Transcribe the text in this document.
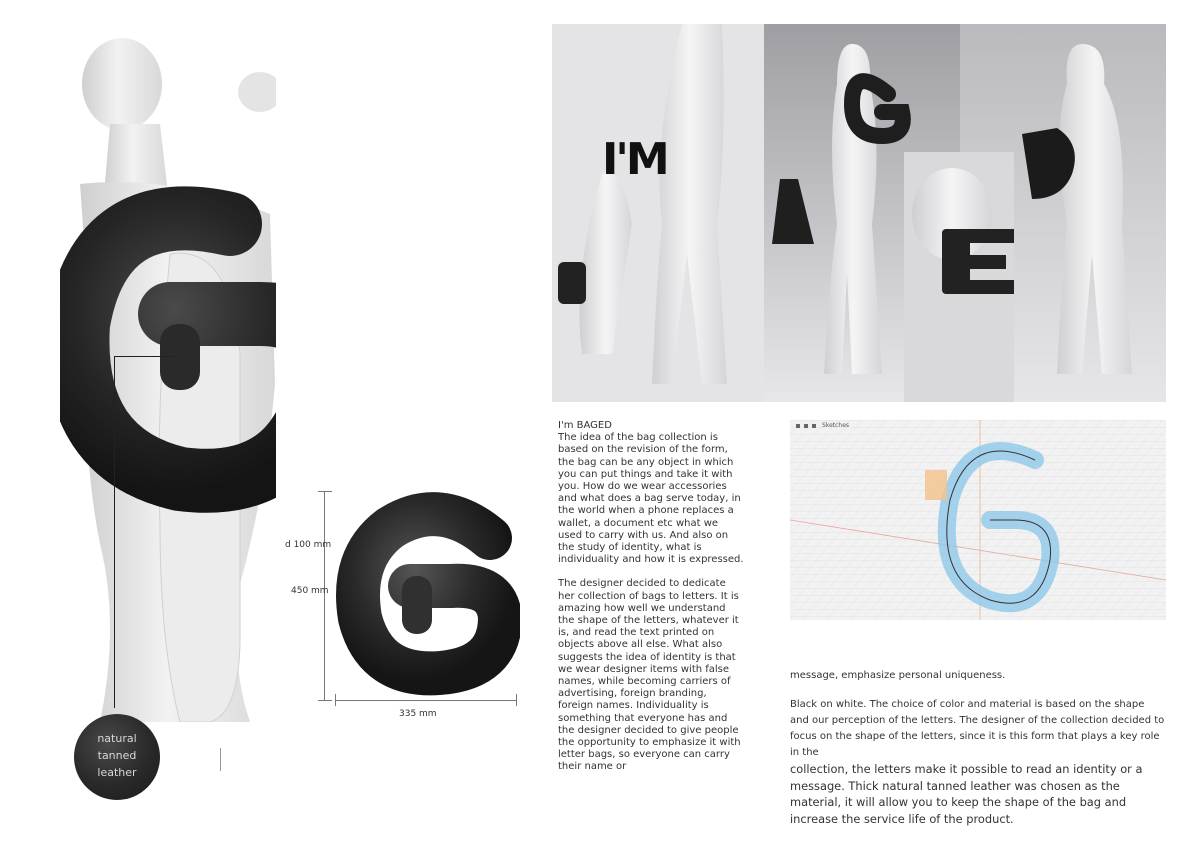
natural
tanned
leather
d 100 mm
450 mm
335 mm
I'M
Sketches
I'm BAGED

The idea of the bag collection is based on the revision of the form, the bag can be any object in which you can put things and take it with you. How do we wear accessories and what does a bag serve today, in the world when a phone replaces a wallet, a document etc what we used to carry with us. And also on the study of identity, what is individuality and how it is expressed.

The designer decided to dedicate her collection of bags to letters. It is amazing how well we understand the shape of the letters, whatever it is, and read the text printed on objects above all else. What also suggests the idea of identity is that we wear designer items with false names, while becoming carriers of advertising, foreign branding, foreign names. Individuality is something that everyone has and the designer decided to give people the opportunity to emphasize it with letter bags, so everyone can carry their name or

message, emphasize personal uniqueness.

Black on white. The choice of color and material is based on the shape and our perception of the letters. The designer of the collection decided to focus on the shape of the letters, since it is this form that plays a key role in the

collection, the letters make it possible to read an identity or a message. Thick natural tanned leather was chosen as the material, it will allow you to keep the shape of the bag and increase the service life of the product.
